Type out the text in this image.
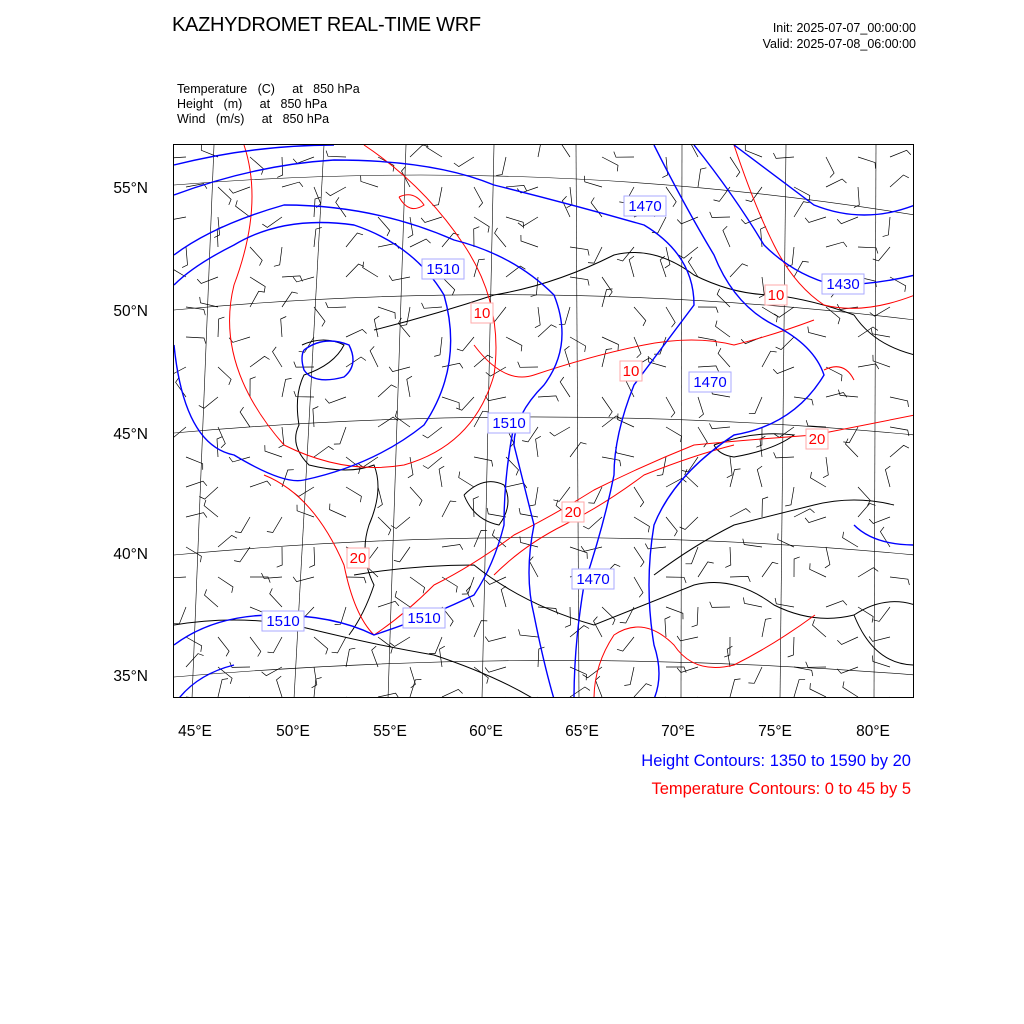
KAZHYDROMET REAL-TIME WRF	Init: 2025-07-07_00:00:00
Valid: 2025-07-08_06:00:00
Temperature   (C)     at   850 hPa
Height   (m)     at   850 hPa
Wind   (m/s)     at   850 hPa
55°N
50°N
45°N
40°N
35°N
45°E	50°E	55°E	60°E	65°E	70°E	75°E	80°E
1470
1510
1430
1470
1510
1510
1470
1510
10
10
10
20
20
20
Height Contours: 1350 to 1590 by 20
Temperature Contours: 0 to 45 by 5
